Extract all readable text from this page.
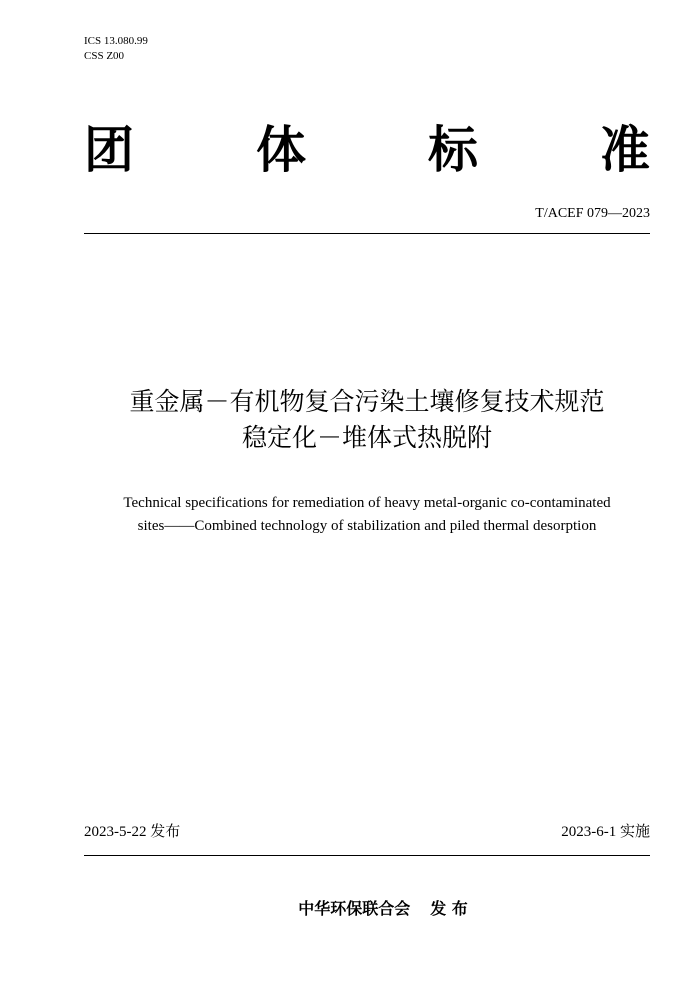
ICS 13.080.99
CSS Z00
团 体 标 准
T/ACEF 079—2023
重金属－有机物复合污染土壤修复技术规范
稳定化－堆体式热脱附
Technical specifications for remediation of heavy metal-organic co-contaminated
sites——Combined technology of stabilization and piled thermal desorption
2023-5-22 发布	2023-6-1 实施
中华环保联合会 发 布
